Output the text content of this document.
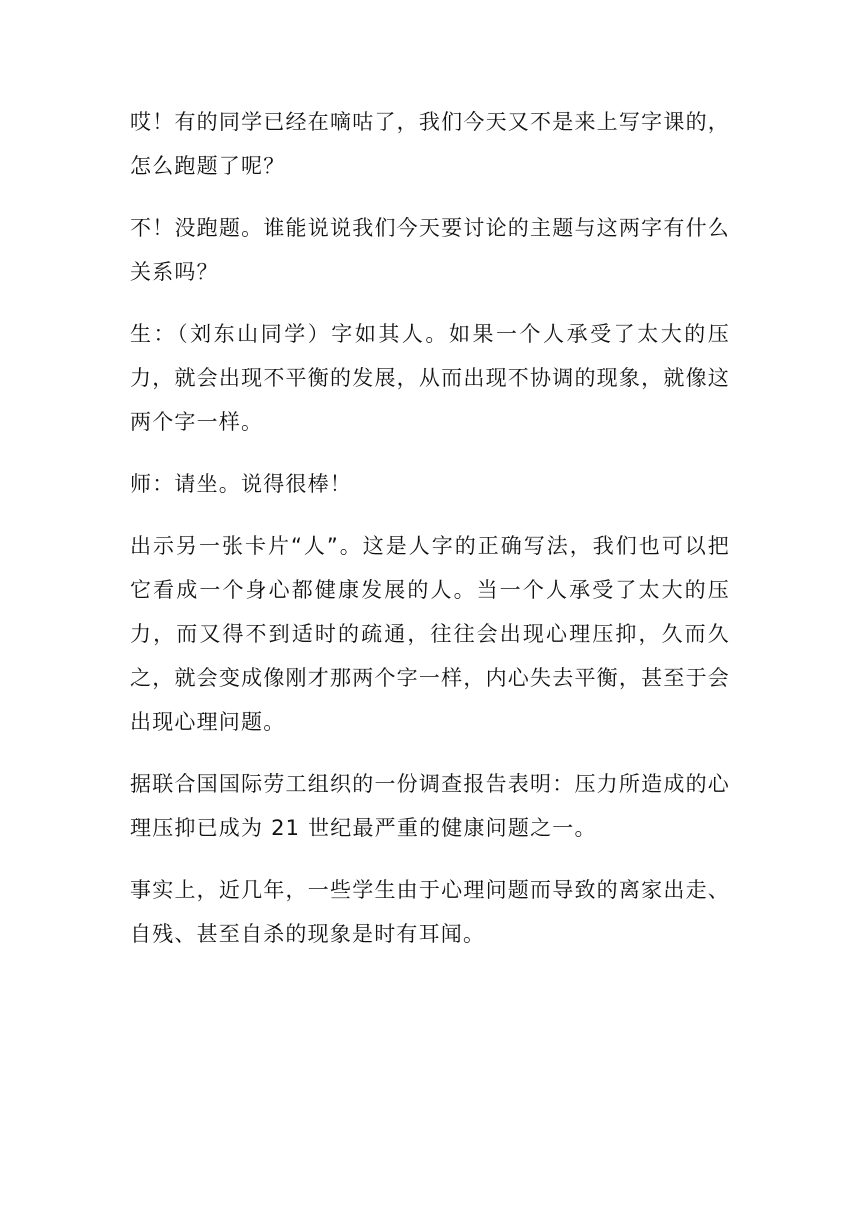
哎！有的同学已经在嘀咕了，我们今天又不是来上写字课的，怎么跑题了呢？

不！没跑题。谁能说说我们今天要讨论的主题与这两字有什么关系吗？

生：（刘东山同学）字如其人。如果一个人承受了太大的压力，就会出现不平衡的发展，从而出现不协调的现象，就像这两个字一样。

师：请坐。说得很棒！

出示另一张卡片“人”。这是人字的正确写法，我们也可以把它看成一个身心都健康发展的人。当一个人承受了太大的压力，而又得不到适时的疏通，往往会出现心理压抑，久而久之，就会变成像刚才那两个字一样，内心失去平衡，甚至于会出现心理问题。

据联合国国际劳工组织的一份调查报告表明：压力所造成的心理压抑已成为 21 世纪最严重的健康问题之一。

事实上，近几年，一些学生由于心理问题而导致的离家出走、自残、甚至自杀的现象是时有耳闻。
